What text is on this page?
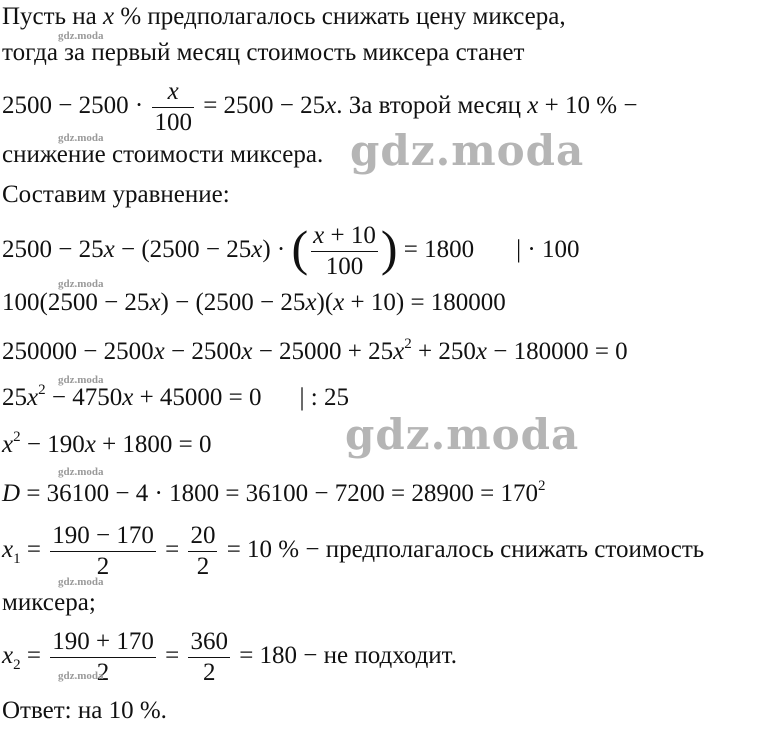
Пусть на x % предполагалось снижать цену миксера,
тогда за первый месяц стоимость миксера станет
$2500 - 2500 \cdot \frac{x}{100} = 2500 - 25x$. За второй месяц x + 10 % −
снижение стоимости миксера.
Составим уравнение:
2500 − 25x − (2500 − 25x) · ( $\frac{x + 10}{100}$ ) = 1800 | · 100
100(2500 − 25x) − (2500 − 25x)(x + 10) = 180000
$250000 - 2500x - 2500x - 25000 + 25x^2 + 250x - 180000 = 0$
$25x^2 - 4750x + 45000 = 0$ | : 25
$x^2 - 190x + 1800 = 0$
$D = 36100 - 4 \cdot 1800 = 36100 - 7200 = 28900 = 170^2$
$x_1 = \frac{190 - 170}{2} = \frac{20}{2} = 10$ % − предполагалось снижать стоимость
миксера;
$x_2 = \frac{190 + 170}{2} = \frac{360}{2} = 180$ − не подходит.
Ответ: на 10 %.
gdz.moda
gdz.moda
gdz.moda
gdz.moda
gdz.moda
gdz.moda
gdz.moda
gdz.moda
gdz.moda
